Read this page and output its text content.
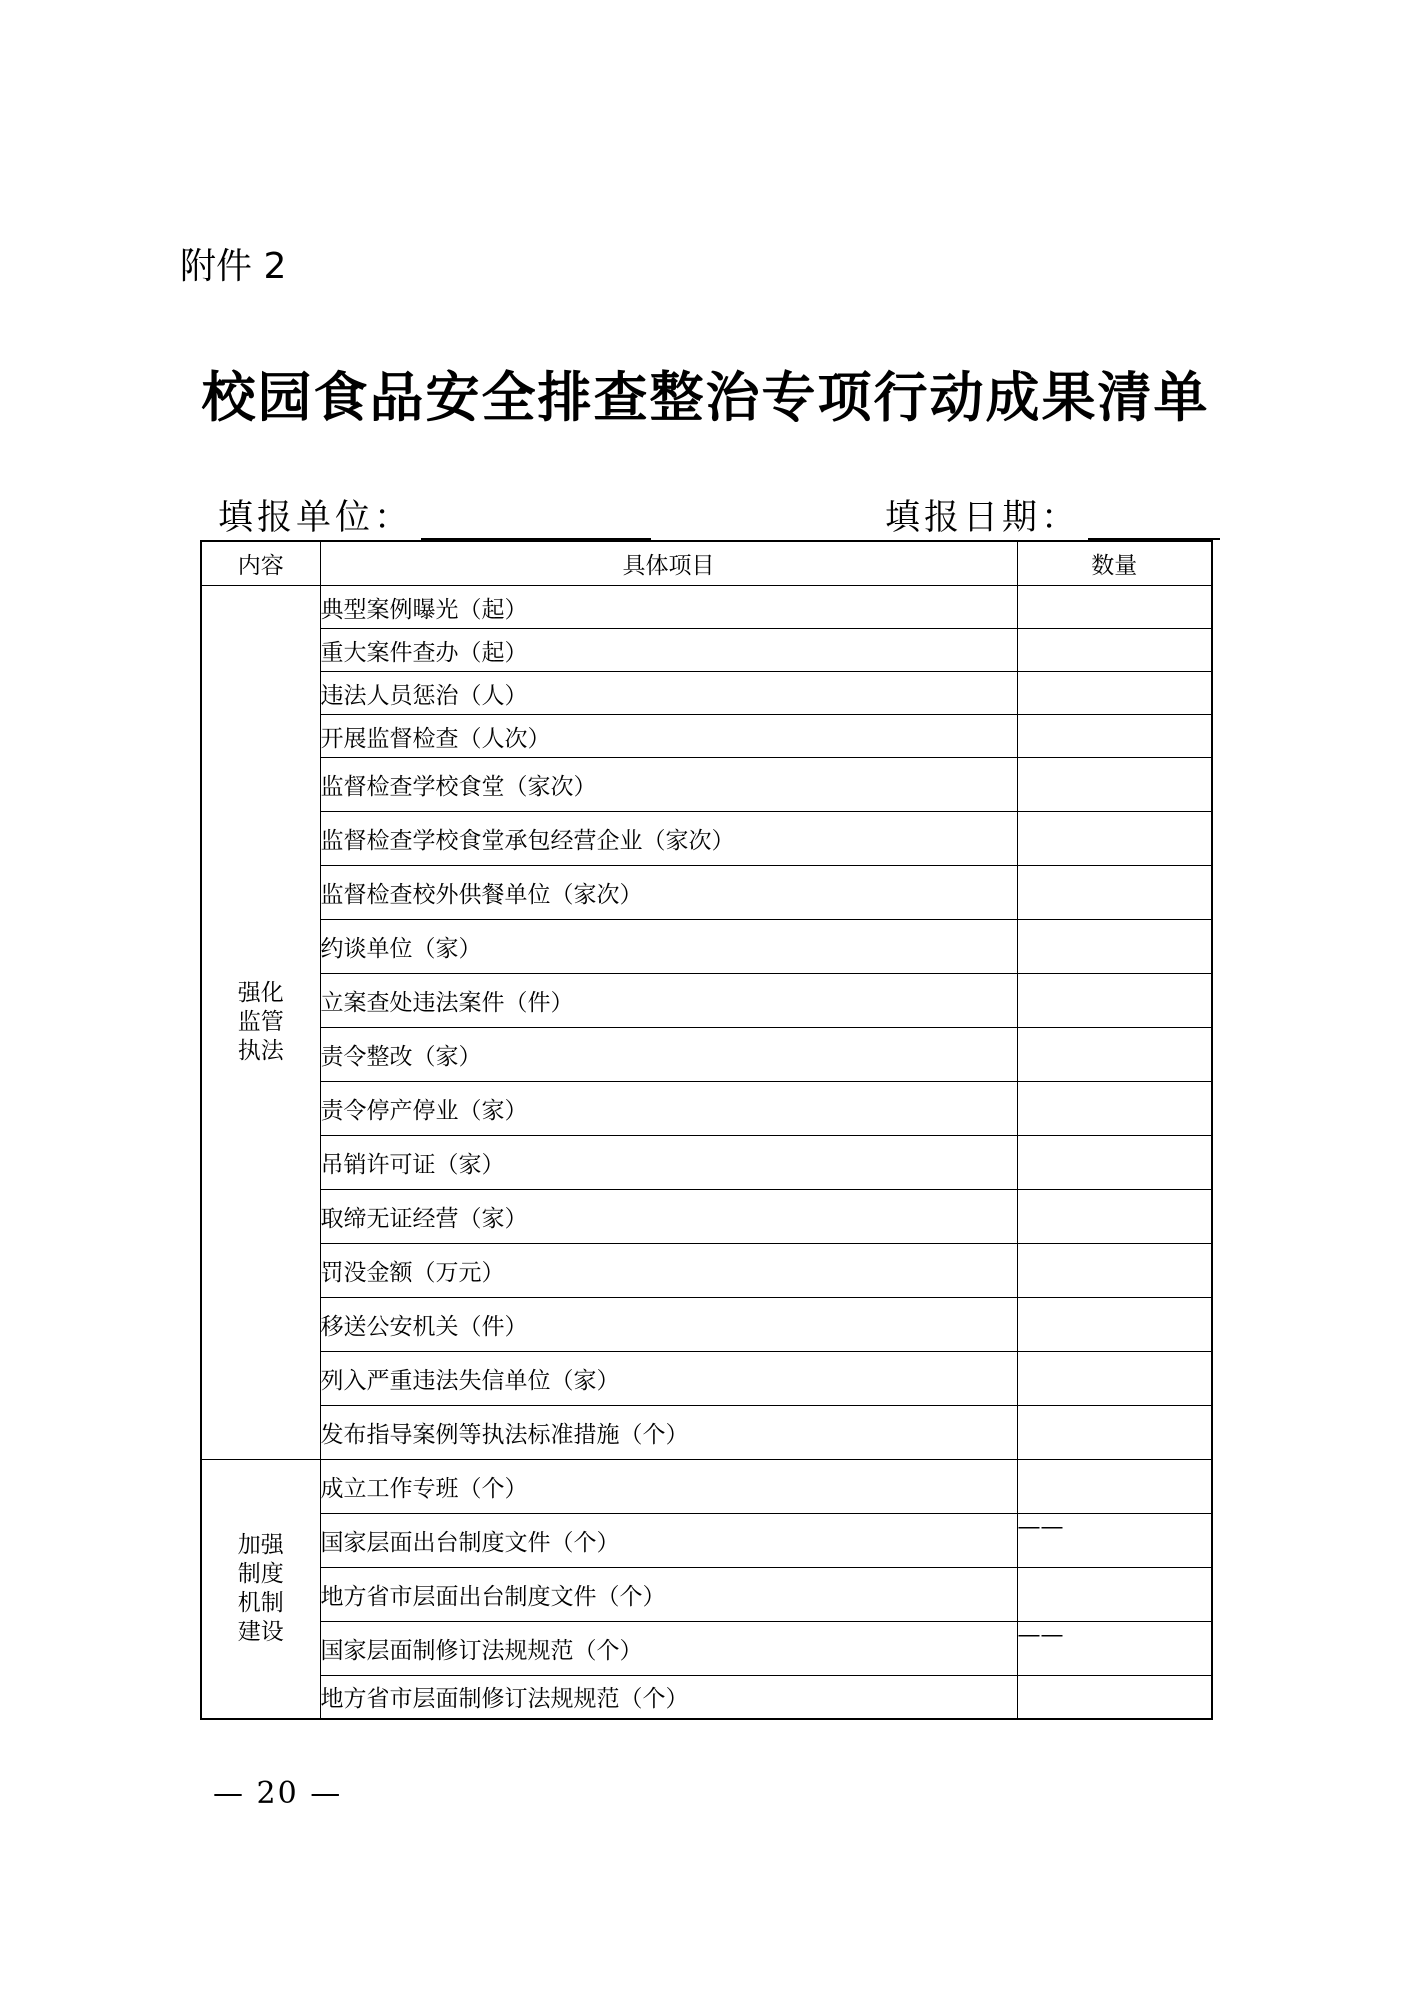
附件 2
校园食品安全排查整治专项行动成果清单
填报单位：	填报日期：
内容	具体项目	数量
强化监管执法	典型案例曝光（起）	
	重大案件查办（起）	
	违法人员惩治（人）	
	开展监督检查（人次）	
	监督检查学校食堂（家次）	
	监督检查学校食堂承包经营企业（家次）	
	监督检查校外供餐单位（家次）	
	约谈单位（家）	
	立案查处违法案件（件）	
	责令整改（家）	
	责令停产停业（家）	
	吊销许可证（家）	
	取缔无证经营（家）	
	罚没金额（万元）	
	移送公安机关（件）	
	列入严重违法失信单位（家）	
	发布指导案例等执法标准措施（个）	
加强制度机制建设	成立工作专班（个）	
	国家层面出台制度文件（个）	——
	地方省市层面出台制度文件（个）	
	国家层面制修订法规规范（个）	——
	地方省市层面制修订法规规范（个）	
— 20 —
